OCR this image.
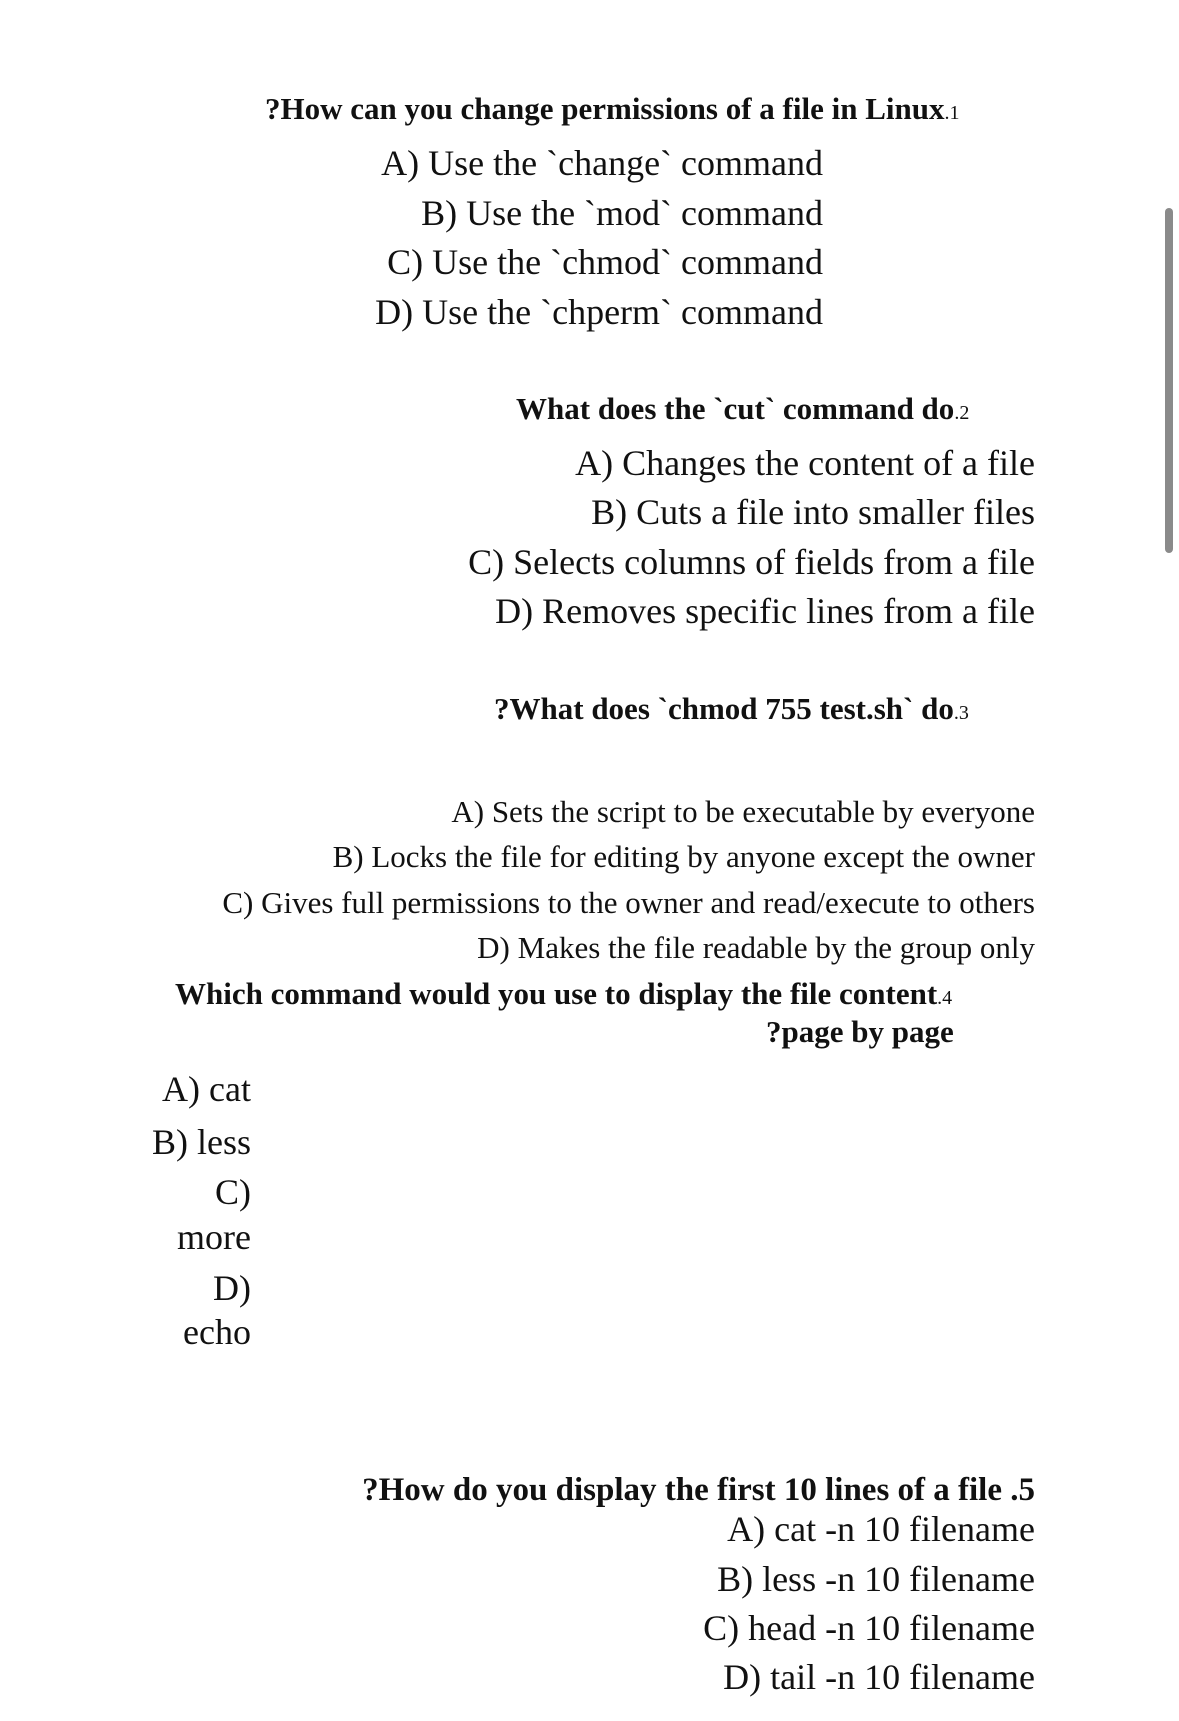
?How can you change permissions of a file in Linux.1
A) Use the `change` command
B) Use the `mod` command
C) Use the `chmod` command
D) Use the `chperm` command
What does the `cut` command do.2
A) Changes the content of a file
B) Cuts a file into smaller files
C) Selects columns of fields from a file
D) Removes specific lines from a file
?What does `chmod 755 test.sh` do.3
A) Sets the script to be executable by everyone
B) Locks the file for editing by anyone except the owner
C) Gives full permissions to the owner and read/execute to others
D) Makes the file readable by the group only
Which command would you use to display the file content.4
?page by page
A) cat
B) less
C)
more
D)
echo
?How do you display the first 10 lines of a file .5
A) cat -n 10 filename
B) less -n 10 filename
C) head -n 10 filename
D) tail -n 10 filename
